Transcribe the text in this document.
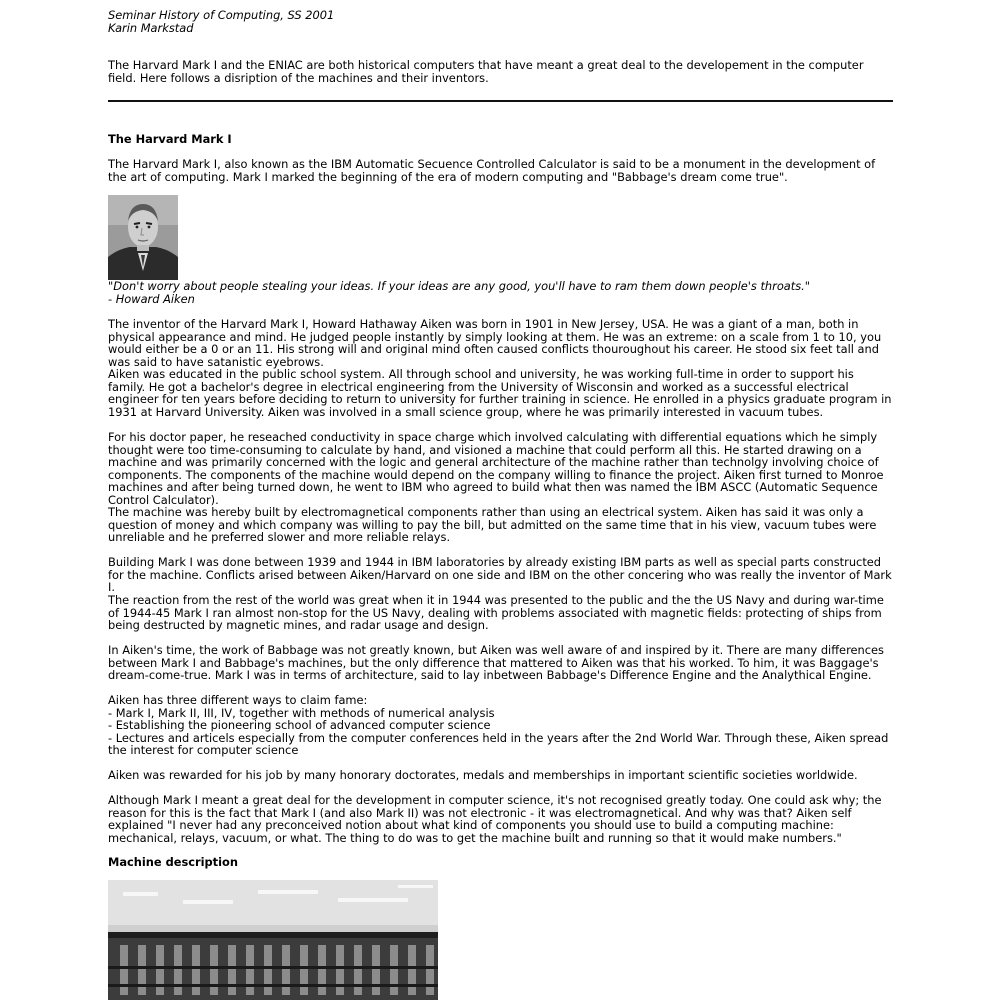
Seminar History of Computing, SS 2001
Karin Markstad
The Harvard Mark I and the ENIAC are both historical computers that have meant a great deal to the developement in the computer field. Here follows a disription of the machines and their inventors.
The Harvard Mark I
The Harvard Mark I, also known as the IBM Automatic Secuence Controlled Calculator is said to be a monument in the development of the art of computing. Mark I marked the beginning of the era of modern computing and "Babbage's dream come true".
"Don't worry about people stealing your ideas. If your ideas are any good, you'll have to ram them down people's throats."
- Howard Aiken
The inventor of the Harvard Mark I, Howard Hathaway Aiken was born in 1901 in New Jersey, USA. He was a giant of a man, both in physical appearance and mind. He judged people instantly by simply looking at them. He was an extreme: on a scale from 1 to 10, you would either be a 0 or an 11. His strong will and original mind often caused conflicts thouroughout his career. He stood six feet tall and was said to have satanistic eyebrows.
Aiken was educated in the public school system. All through school and university, he was working full-time in order to support his family. He got a bachelor's degree in electrical engineering from the University of Wisconsin and worked as a successful electrical engineer for ten years before deciding to return to university for further training in science. He enrolled in a physics graduate program in 1931 at Harvard University. Aiken was involved in a small science group, where he was primarily interested in vacuum tubes.
For his doctor paper, he reseached conductivity in space charge which involved calculating with differential equations which he simply thought were too time-consuming to calculate by hand, and visioned a machine that could perform all this. He started drawing on a machine and was primarily concerned with the logic and general architecture of the machine rather than technolgy involving choice of components. The components of the machine would depend on the company willing to finance the project. Aiken first turned to Monroe machines and after being turned down, he went to IBM who agreed to build what then was named the IBM ASCC (Automatic Sequence Control Calculator).
The machine was hereby built by electromagnetical components rather than using an electrical system. Aiken has said it was only a question of money and which company was willing to pay the bill, but admitted on the same time that in his view, vacuum tubes were unreliable and he preferred slower and more reliable relays.
Building Mark I was done between 1939 and 1944 in IBM laboratories by already existing IBM parts as well as special parts constructed for the machine. Conflicts arised between Aiken/Harvard on one side and IBM on the other concering who was really the inventor of Mark I.
The reaction from the rest of the world was great when it in 1944 was presented to the public and the the US Navy and during war-time of 1944-45 Mark I ran almost non-stop for the US Navy, dealing with problems associated with magnetic fields: protecting of ships from being destructed by magnetic mines, and radar usage and design.
In Aiken's time, the work of Babbage was not greatly known, but Aiken was well aware of and inspired by it. There are many differences between Mark I and Babbage's machines, but the only difference that mattered to Aiken was that his worked. To him, it was Baggage's dream-come-true. Mark I was in terms of architecture, said to lay inbetween Babbage's Difference Engine and the Analythical Engine.
Aiken has three different ways to claim fame:
- Mark I, Mark II, III, IV, together with methods of numerical analysis
- Establishing the pioneering school of advanced computer science
- Lectures and articels especially from the computer conferences held in the years after the 2nd World War. Through these, Aiken spread the interest for computer science
Aiken was rewarded for his job by many honorary doctorates, medals and memberships in important scientific societies worldwide.
Although Mark I meant a great deal for the development in computer science, it's not recognised greatly today. One could ask why; the reason for this is the fact that Mark I (and also Mark II) was not electronic - it was electromagnetical. And why was that? Aiken self explained "I never had any preconceived notion about what kind of components you should use to build a computing machine: mechanical, relays, vacuum, or what. The thing to do was to get the machine built and running so that it would make numbers."
Machine description
